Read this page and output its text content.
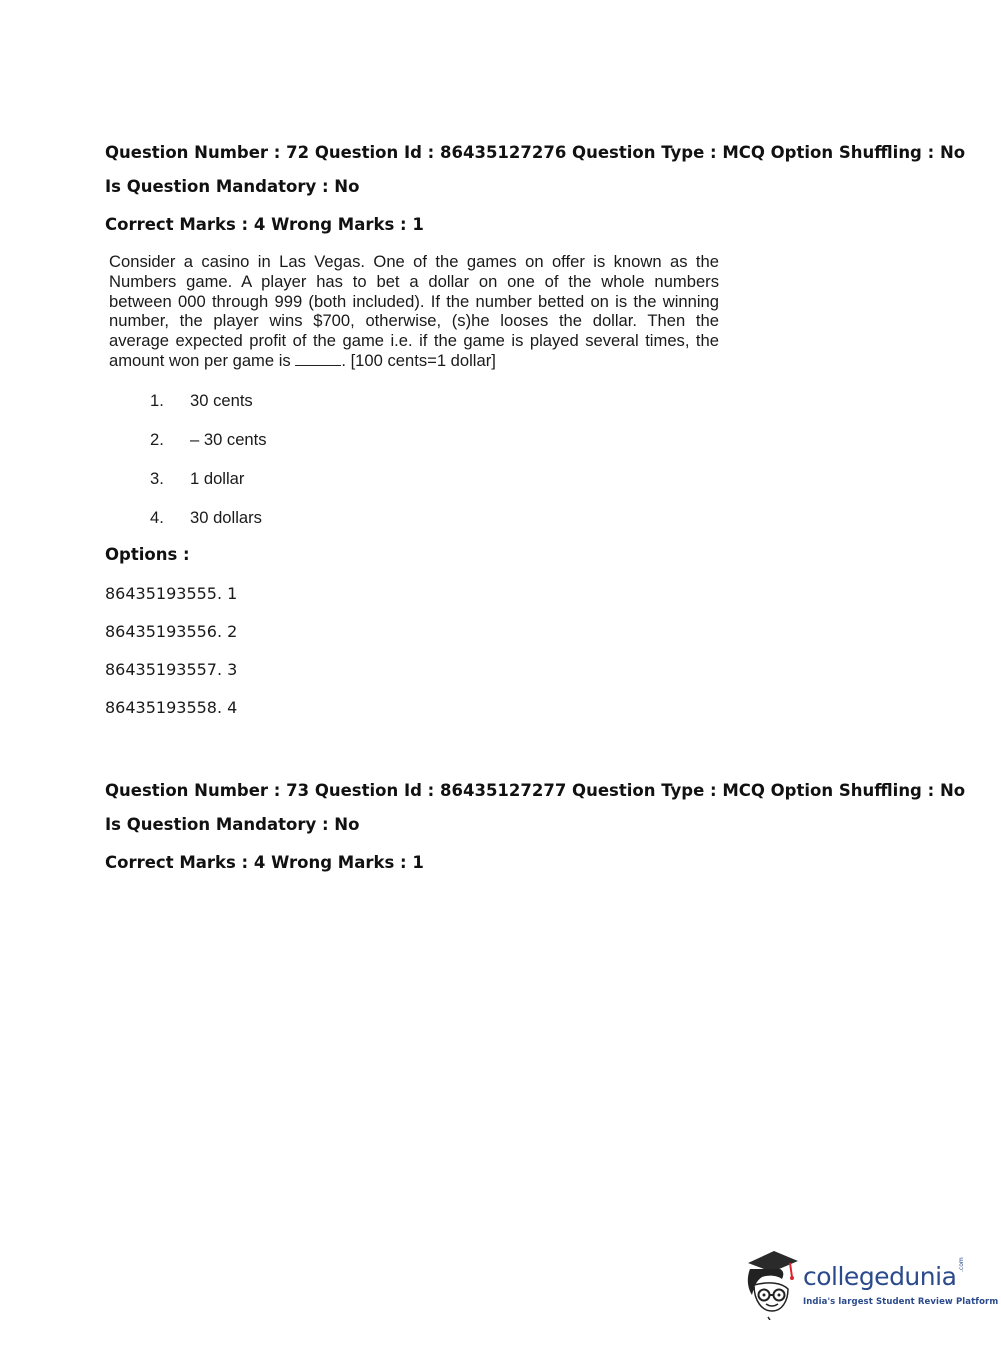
Question Number : 72 Question Id : 86435127276 Question Type : MCQ Option Shuffling : No
Is Question Mandatory : No
Correct Marks : 4 Wrong Marks : 1
Consider a casino in Las Vegas. One of the games on offer is known as the
Numbers game. A player has to bet a dollar on one of the whole numbers
between 000 through 999 (both included). If the number betted on is the winning
number, the player wins $700, otherwise, (s)he looses the dollar. Then the
average expected profit of the game i.e. if the game is played several times, the
amount won per game is	. [100 cents=1 dollar]
1. 30 cents
2. – 30 cents
3. 1 dollar
4. 30 dollars
Options :
86435193555. 1
86435193556. 2
86435193557. 3
86435193558. 4
Question Number : 73 Question Id : 86435127277 Question Type : MCQ Option Shuffling : No
Is Question Mandatory : No
Correct Marks : 4 Wrong Marks : 1
collegedunia .com
India's largest Student Review Platform
